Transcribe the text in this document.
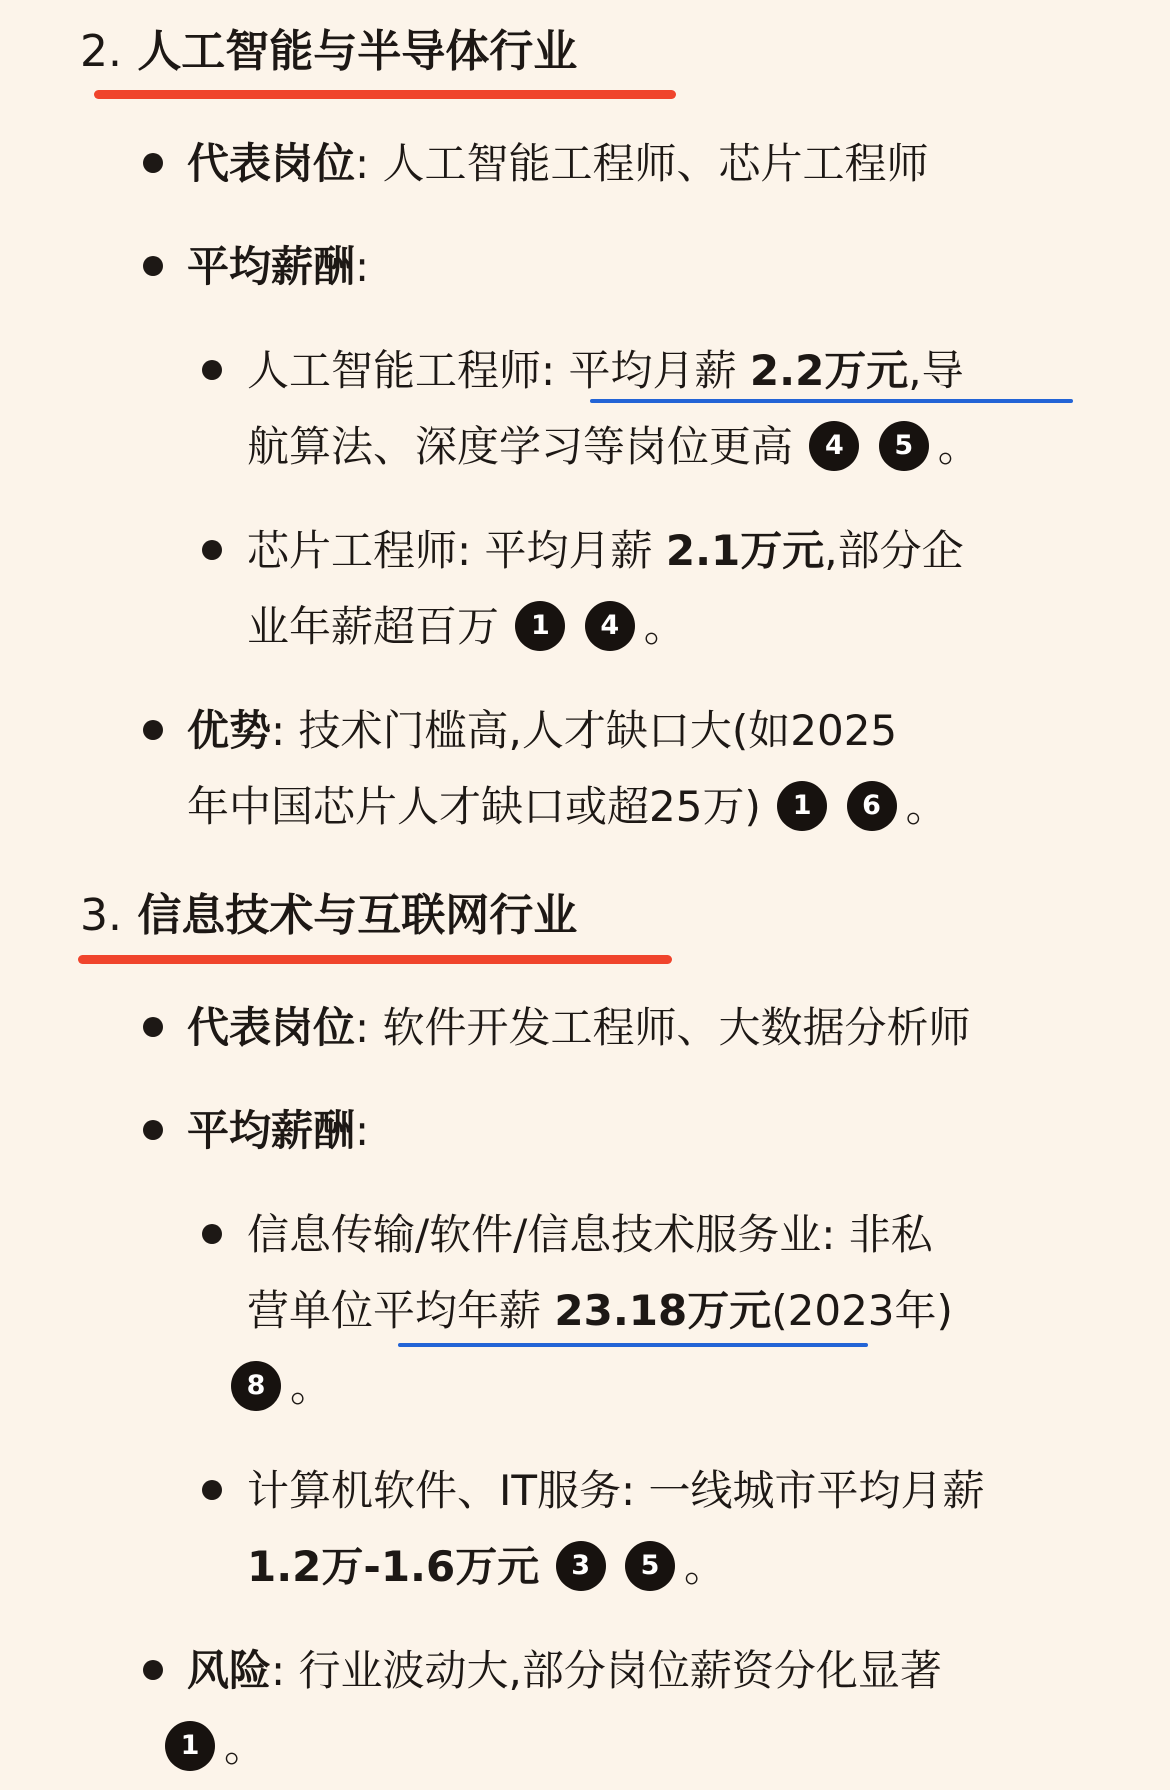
2. 人工智能与半导体行业
代表岗位: 人工智能工程师、芯片工程师
平均薪酬:
人工智能工程师: 平均月薪 2.2万元,导
航算法、深度学习等岗位更高 4 5 。
芯片工程师: 平均月薪 2.1万元,部分企
业年薪超百万 1 4 。
优势: 技术门槛高,人才缺口大(如2025
年中国芯片人才缺口或超25万) 1 6 。
3. 信息技术与互联网行业
代表岗位: 软件开发工程师、大数据分析师
平均薪酬:
信息传输/软件/信息技术服务业: 非私
营单位平均年薪 23.18万元(2023年)
8 。
计算机软件、IT服务: 一线城市平均月薪
1.2万-1.6万元 3 5 。
风险: 行业波动大,部分岗位薪资分化显著
1 。
